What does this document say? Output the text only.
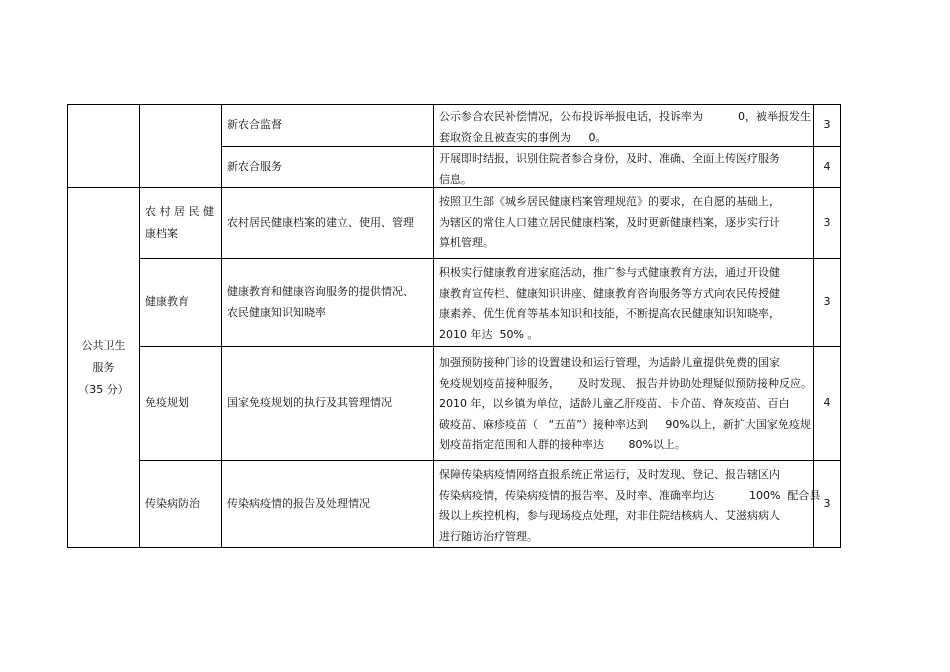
新农合监督
公示参合农民补偿情况，公布投诉举报电话，投诉率为          0，被举报发生
套取资金且被查实的事例为     0。
3
新农合服务
开展即时结报，识别住院者参合身份，及时、准确、全面上传医疗服务
信息。
4
公共卫生
服务
（35 分）
农 村 居 民 健
康档案
农村居民健康档案的建立、使用、管理
按照卫生部《城乡居民健康档案管理规范》的要求，在自愿的基础上，
为辖区的常住人口建立居民健康档案，及时更新健康档案，逐步实行计
算机管理。
3
健康教育
健康教育和健康咨询服务的提供情况、
农民健康知识知晓率
积极实行健康教育进家庭活动，推广参与式健康教育方法，通过开设健
康教育宣传栏、健康知识讲座、健康教育咨询服务等方式向农民传授健
康素养、优生优育等基本知识和技能，不断提高农民健康知识知晓率，
2010 年达  50% 。
3
免疫规划	国家免疫规划的执行及其管理情况
加强预防接种门诊的设置建设和运行管理，为适龄儿童提供免费的国家
免疫规划疫苗接种服务，     及时发现、 报告并协助处理疑似预防接种反应。
2010 年，以乡镇为单位，适龄儿童乙肝疫苗、卡介苗、脊灰疫苗、百白
破疫苗、麻疹疫苗（   “五苗”）接种率达到     90%以上，新扩大国家免疫规
划疫苗指定范围和人群的接种率达       80%以上。
4
传染病防治 传染病疫情的报告及处理情况
保障传染病疫情网络直报系统正常运行，及时发现、登记、报告辖区内
传染病疫情，传染病疫情的报告率、及时率、准确率均达          100%  配合县
级以上疾控机构，参与现场疫点处理，对非住院结核病人、艾滋病病人
进行随访治疗管理。
3
